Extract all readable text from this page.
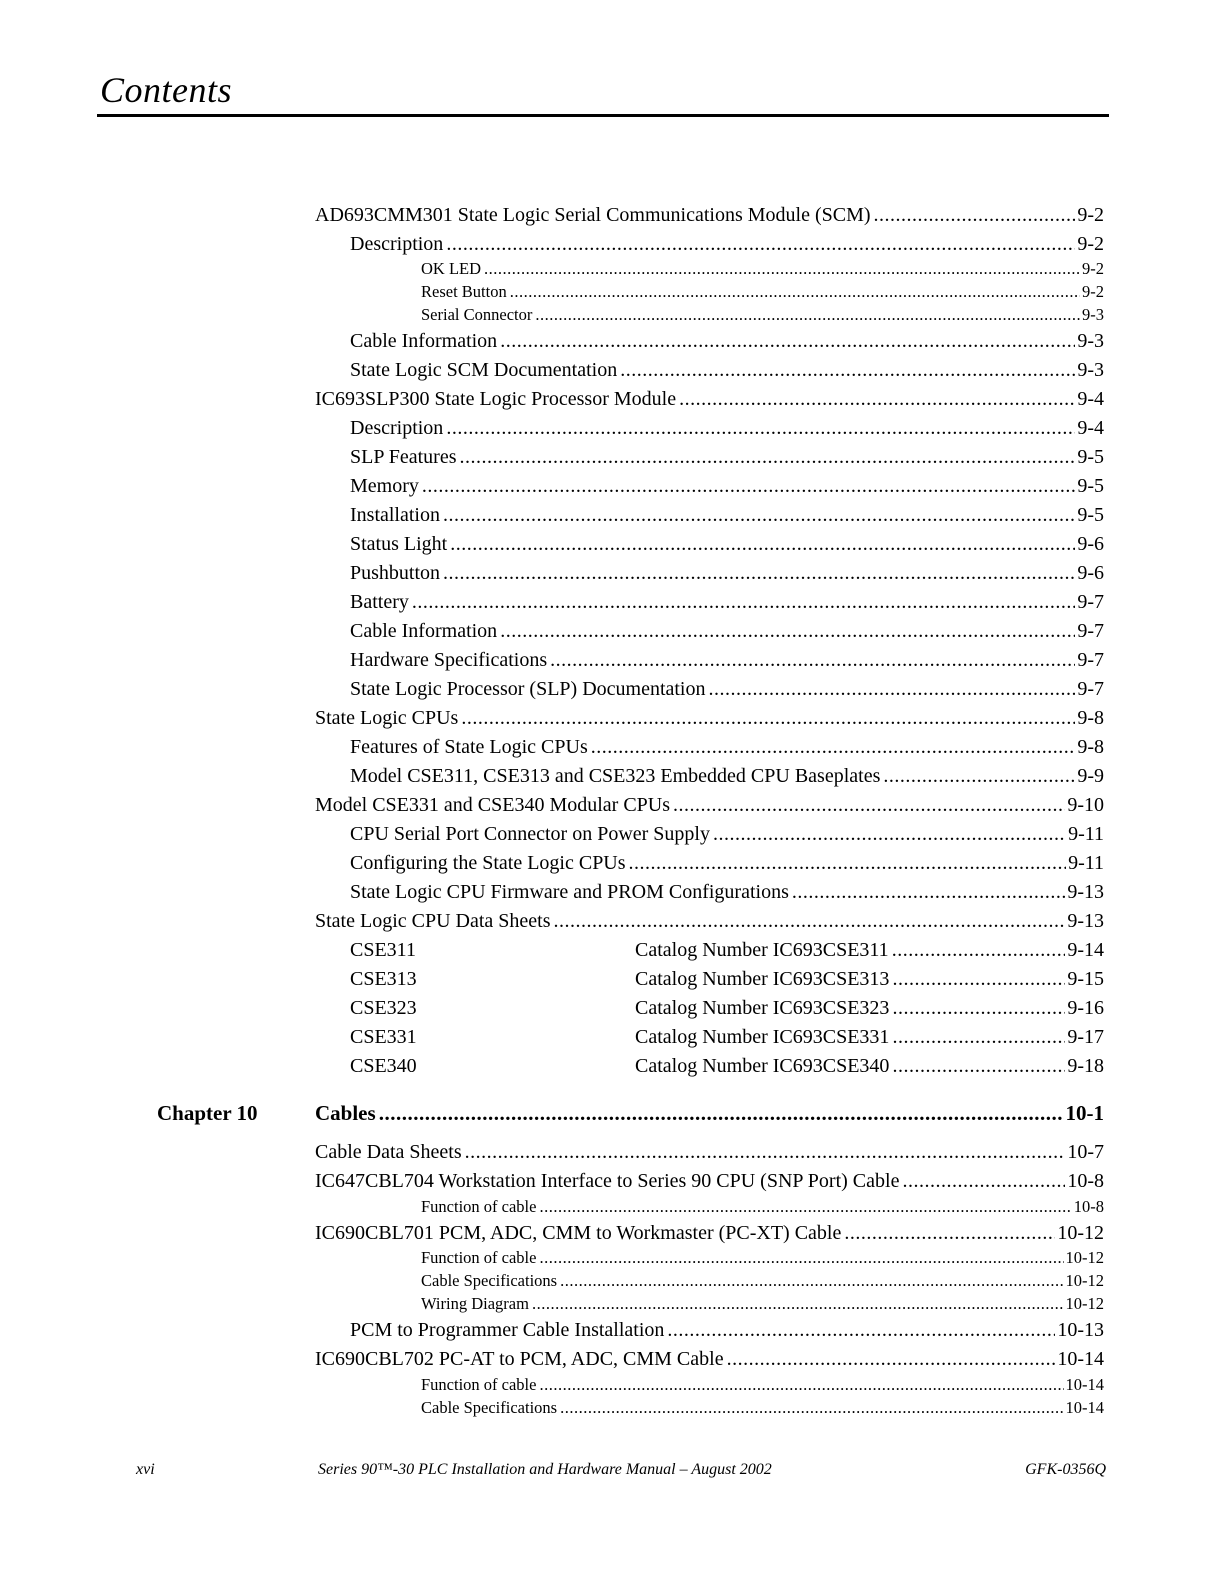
Contents
AD693CMM301 State Logic Serial Communications Module (SCM) .....	9-2
Description .....	9-2
OK LED .....	9-2
Reset Button .....	9-2
Serial Connector .....	9-3
Cable Information .....	9-3
State Logic SCM Documentation .....	9-3
IC693SLP300 State Logic Processor Module .....	9-4
Description .....	9-4
SLP Features .....	9-5
Memory .....	9-5
Installation .....	9-5
Status Light .....	9-6
Pushbutton .....	9-6
Battery .....	9-7
Cable Information .....	9-7
Hardware Specifications .....	9-7
State Logic Processor (SLP) Documentation .....	9-7
State Logic CPUs .....	9-8
Features of State Logic CPUs .....	9-8
Model CSE311, CSE313 and CSE323 Embedded CPU Baseplates .....	9-9
Model CSE331 and CSE340 Modular CPUs .....	9-10
CPU Serial Port Connector on Power Supply .....	9-11
Configuring the State Logic CPUs .....	9-11
State Logic CPU Firmware and PROM Configurations .....	9-13
State Logic CPU Data Sheets .....	9-13
CSE311	Catalog Number IC693CSE311 .....	9-14
CSE313	Catalog Number IC693CSE313 .....	9-15
CSE323	Catalog Number IC693CSE323 .....	9-16
CSE331	Catalog Number IC693CSE331 .....	9-17
CSE340	Catalog Number IC693CSE340 .....	9-18
Chapter 10	Cables .....	10-1
Cable Data Sheets .....	10-7
IC647CBL704 Workstation Interface to Series 90 CPU (SNP Port) Cable .....	10-8
Function of cable .....	10-8
IC690CBL701 PCM, ADC, CMM to Workmaster (PC-XT) Cable .....	10-12
Function of cable .....	10-12
Cable Specifications .....	10-12
Wiring Diagram .....	10-12
PCM to Programmer Cable Installation .....	10-13
IC690CBL702 PC-AT to PCM, ADC, CMM Cable .....	10-14
Function of cable .....	10-14
Cable Specifications .....	10-14
xvi	Series 90™-30 PLC Installation and Hardware Manual – August 2002	GFK-0356Q
